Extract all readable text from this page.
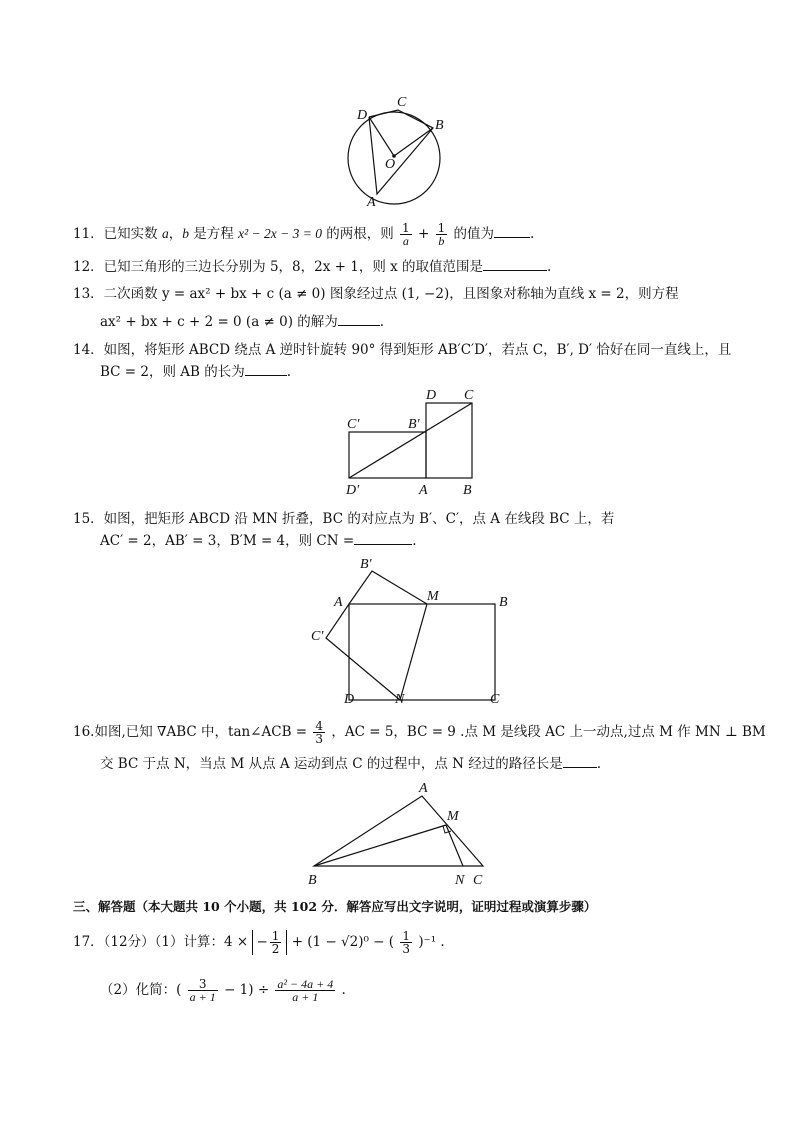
D
C
B
O
A
11．已知实数 a，b 是方程 x² − 2x − 3 = 0 的两根，则 $\frac{1}{a} + \frac{1}{b}$ 的值为	.
12．已知三角形的三边长分别为 5，8，2x + 1，则 x 的取值范围是	.
13．二次函数 y = ax² + bx + c (a ≠ 0) 图象经过点 (1, −2)，且图象对称轴为直线 x = 2，则方程
ax² + bx + c + 2 = 0 (a ≠ 0) 的解为	.
14．如图，将矩形 ABCD 绕点 A 逆时针旋转 90° 得到矩形 AB′C′D′，若点 C，B′, D′ 恰好在同一直线上，且
BC = 2，则 AB 的长为	.
D C
C′	B′
D′	A	B
15．如图，把矩形 ABCD 沿 MN 折叠，BC 的对应点为 B′、C′，点 A 在线段 BC 上，若
AC′ = 2，AB′ = 3，B′M = 4，则 CN =	.
B′
A	M	B
C′
D	N	C
16.如图,已知 ∇ABC 中，tan∠ACB = $\frac{4}{3}$ ，AC = 5，BC = 9 .点 M 是线段 AC 上一动点,过点 M 作 MN ⊥ BM
交 BC 于点 N，当点 M 从点 A 运动到点 C 的过程中，点 N 经过的路径长是	.
A
M
B	N C
三、解答题（本大题共 10 个小题，共 102 分．解答应写出文字说明，证明过程或演算步骤）
17．（12分）（1）计算：4 × − $\frac{1}{2} + (1 - √2)^0$ − ( $\frac{1}{3} )^{-1}$ .
（2）化简：( $\frac{3}{a + 1} - 1) \div \frac{\text{a² − 4a + 4}}{a + 1}$ .
